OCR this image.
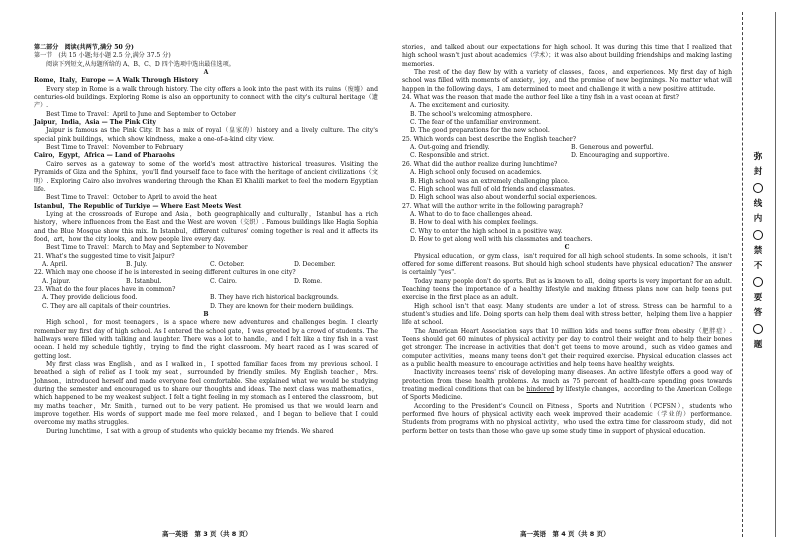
第二部分　阅读(共两节,满分 50 分)

第一节　(共 15 小题;每小题 2.5 分,满分 37.5 分)

阅读下列短文,从每题所给的 A、B、C、D 四个选项中选出最佳选项。

A

Rome，Italy，Europe — A Walk Through History

Every step in Rome is a walk through history. The city offers a look into the past with its ruins（废墟）and centuries-old buildings. Exploring Rome is also an opportunity to connect with the city's cultural heritage（遗产）.

Best Time to Travel：April to June and September to October

Jaipur，India，Asia — The Pink City

Jaipur is famous as the Pink City. It has a mix of royal（皇家的）history and a lively culture. The city's special pink buildings，which show kindness，make a one-of-a-kind city view.

Best Time to Travel：November to February

Cairo，Egypt，Africa — Land of Pharaohs

Cairo serves as a gateway to some of the world's most attractive historical treasures. Visiting the Pyramids of Giza and the Sphinx，you'll find yourself face to face with the heritage of ancient civilizations（文明）. Exploring Cairo also involves wandering through the Khan El Khalili market to feel the modern Egyptian life.

Best Time to Travel：October to April to avoid the heat

Istanbul，The Republic of Turkiye — Where East Meets West

Lying at the crossroads of Europe and Asia，both geographically and culturally，Istanbul has a rich history，where influences from the East and the West are woven（交织）. Famous buildings like Hagia Sophia and the Blue Mosque show this mix. In Istanbul，different cultures' coming together is real and it affects its food，art，how the city looks，and how people live every day.

Best Time to Travel：March to May and September to November

21. What's the suggested time to visit Jaipur?

A. April.	B. July.	C. October.	D. December.

22. Which may one choose if he is interested in seeing different cultures in one city?

A. Jaipur.	B. Istanbul.	C. Cairo.	D. Rome.

23. What do the four places have in common?

A. They provide delicious food.	B. They have rich historical backgrounds.
C. They are all capitals of their countries.	D. They are known for their modern buildings.

B

High school，for most teenagers，is a space where new adventures and challenges begin. I clearly remember my first day of high school. As I entered the school gate，I was greeted by a crowd of students. The hallways were filled with talking and laughter. There was a lot to handle，and I felt like a tiny fish in a vast ocean. I held my schedule tightly，trying to find the right classroom. My heart raced as I was scared of getting lost.

My first class was English，and as I walked in，I spotted familiar faces from my previous school. I breathed a sigh of relief as I took my seat，surrounded by friendly smiles. My English teacher，Mrs. Johnson，introduced herself and made everyone feel comfortable. She explained what we would be studying during the semester and encouraged us to share our thoughts and ideas. The next class was mathematics，which happened to be my weakest subject. I felt a tight feeling in my stomach as I entered the classroom，but my maths teacher，Mr. Smith，turned out to be very patient. He promised us that we would learn and improve together. His words of support made me feel more relaxed，and I began to believe that I could overcome my maths struggles.

During lunchtime，I sat with a group of students who quickly became my friends. We shared

高一英语　第 3 页（共 8 页）

stories，and talked about our expectations for high school. It was during this time that I realized that high school wasn't just about academics（学术）；it was also about building friendships and making lasting memories.

The rest of the day flew by with a variety of classes，faces，and experiences. My first day of high school was filled with moments of anxiety，joy，and the promise of new beginnings. No matter what will happen in the following days，I am determined to meet and challenge it with a new positive attitude.

24. What was the reason that made the author feel like a tiny fish in a vast ocean at first?

A. The excitement and curiosity.

B. The school's welcoming atmosphere.

C. The fear of the unfamiliar environment.

D. The good preparations for the new school.

25. Which words can best describe the English teacher?

A. Out-going and friendly.	B. Generous and powerful.
C. Responsible and strict.	D. Encouraging and supportive.

26. What did the author realize during lunchtime?

A. High school only focused on academics.

B. High school was an extremely challenging place.

C. High school was full of old friends and classmates.

D. High school was also about wonderful social experiences.

27. What will the author write in the following paragraph?

A. What to do to face challenges ahead.

B. How to deal with his complex feelings.

C. Why to enter the high school in a positive way.

D. How to get along well with his classmates and teachers.

C

Physical education，or gym class，isn't required for all high school students. In some schools，it isn't offered for some different reasons. But should high school students have physical education? The answer is certainly "yes".

Today many people don't do sports. But as is known to all，doing sports is very important for an adult. Teaching teens the importance of a healthy lifestyle and making fitness plans now can help teens put exercise in the first place as an adult.

High school isn't that easy. Many students are under a lot of stress. Stress can be harmful to a student's studies and life. Doing sports can help them deal with stress better，helping them live a happier life at school.

The American Heart Association says that 10 million kids and teens suffer from obesity（肥胖症）. Teens should get 60 minutes of physical activity per day to control their weight and to help their bones get stronger. The increase in activities that don't get teens to move around，such as video games and computer activities，means many teens don't get their required exercise. Physical education classes act as a public health measure to encourage activities and help teens have healthy weights.

Inactivity increases teens' risk of developing many diseases. An active lifestyle offers a good way of protection from these health problems. As much as 75 percent of health-care spending goes towards treating medical conditions that can be hindered by lifestyle changes，according to the American College of Sports Medicine.

According to the President's Council on Fitness，Sports and Nutrition（PCFSN），students who performed five hours of physical activity each week improved their academic（学业的）performance. Students from programs with no physical activity，who used the extra time for classroom study，did not perform better on tests than those who gave up some study time in support of physical education.

高一英语　第 4 页（共 8 页）
弥
封
线
内
禁
不
要
答
题
